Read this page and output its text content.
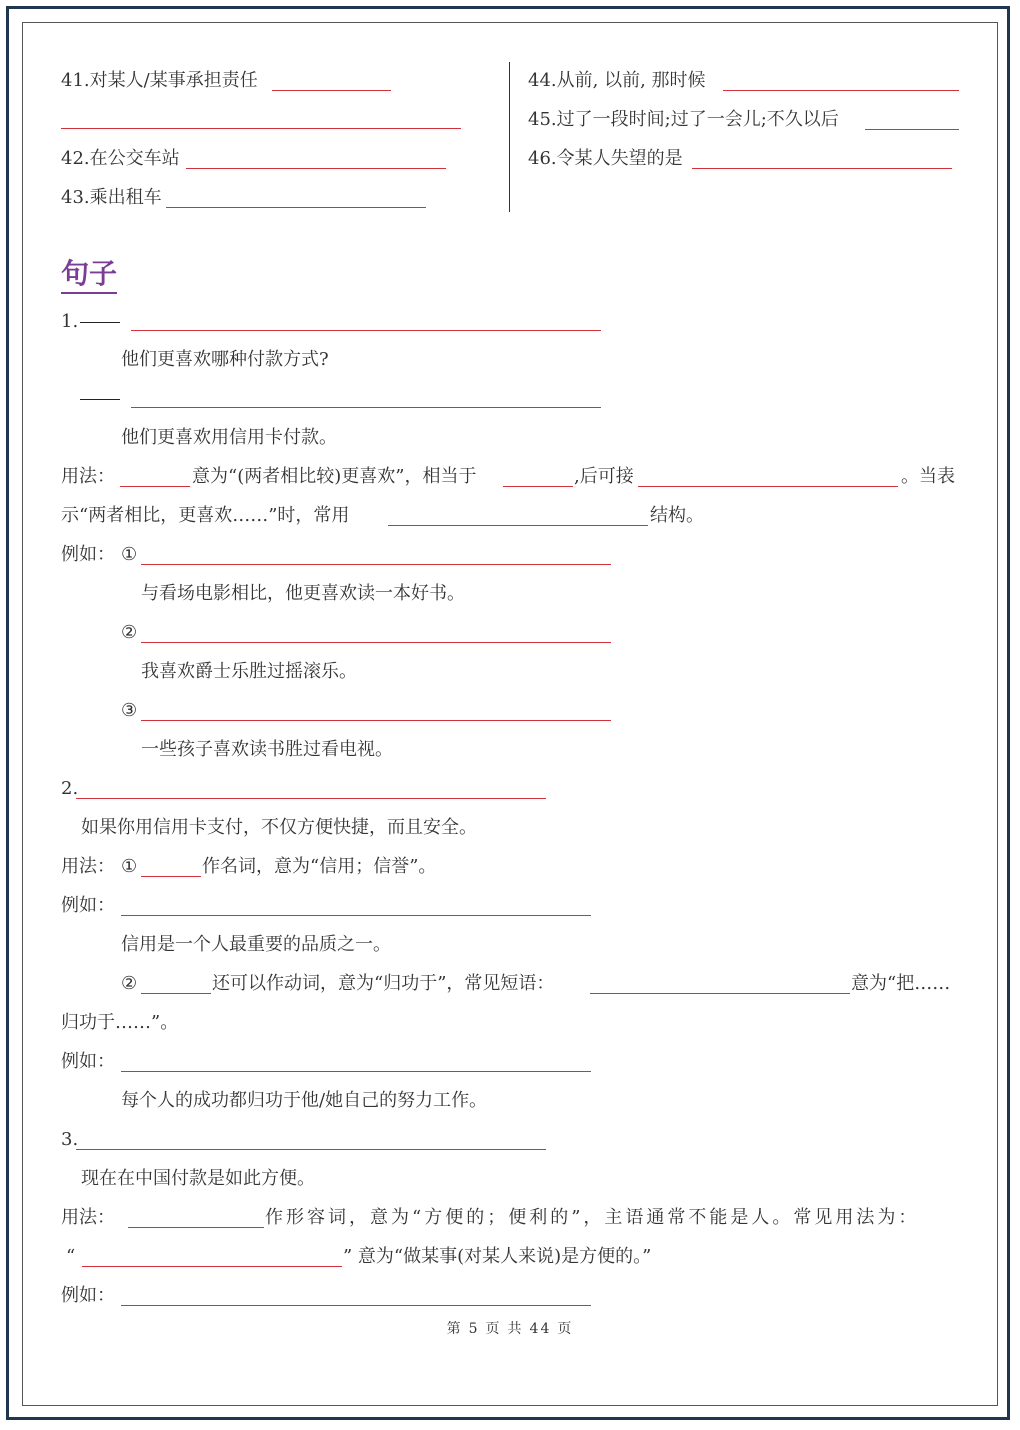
41.对某人/某事承担责任
42.在公交车站
43.乘出租车
44.从前, 以前, 那时候
45.过了一段时间;过了一会儿;不久以后
46.令某人失望的是
句子
1.
他们更喜欢哪种付款方式?
他们更喜欢用信用卡付款。
用法：	意为“(两者相比较)更喜欢”，相当于	,后可接	。当表
示“两者相比，更喜欢……”时，常用	结构。
例如： ①
与看场电影相比，他更喜欢读一本好书。
②
我喜欢爵士乐胜过摇滚乐。
③
一些孩子喜欢读书胜过看电视。
2.
如果你用信用卡支付，不仅方便快捷，而且安全。
用法： ①	作名词，意为“信用；信誉”。
例如：
信用是一个人最重要的品质之一。
②	还可以作动词，意为“归功于”，常见短语：	意为“把……
归功于……”。
例如：
每个人的成功都归功于他/她自己的努力工作。
3.
现在在中国付款是如此方便。
用法：	作形容词，意为“方便的；便利的”，主语通常不能是人。常见用法为：
“	” 意为“做某事(对某人来说)是方便的。”
例如：
第 5 页 共 44 页
